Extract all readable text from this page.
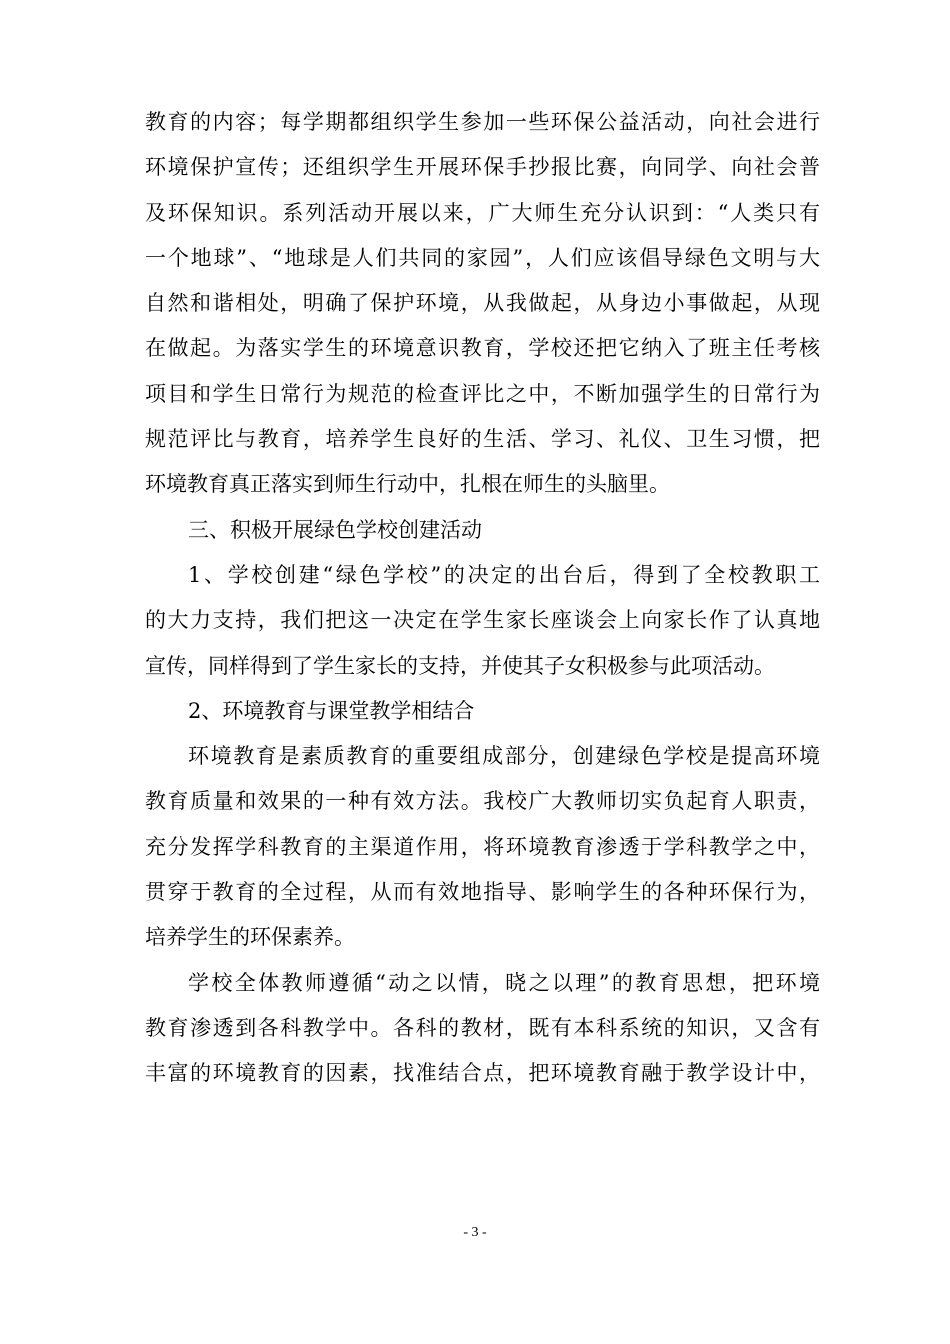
教育的内容；每学期都组织学生参加一些环保公益活动，向社会进行
环境保护宣传；还组织学生开展环保手抄报比赛，向同学、向社会普
及环保知识。系列活动开展以来，广大师生充分认识到：“人类只有
一个地球”、“地球是人们共同的家园”，人们应该倡导绿色文明与大
自然和谐相处，明确了保护环境，从我做起，从身边小事做起，从现
在做起。为落实学生的环境意识教育，学校还把它纳入了班主任考核
项目和学生日常行为规范的检查评比之中，不断加强学生的日常行为
规范评比与教育，培养学生良好的生活、学习、礼仪、卫生习惯，把
环境教育真正落实到师生行动中，扎根在师生的头脑里。
三、积极开展绿色学校创建活动
1、学校创建“绿色学校”的决定的出台后，得到了全校教职工
的大力支持，我们把这一决定在学生家长座谈会上向家长作了认真地
宣传，同样得到了学生家长的支持，并使其子女积极参与此项活动。
2、环境教育与课堂教学相结合
环境教育是素质教育的重要组成部分，创建绿色学校是提高环境
教育质量和效果的一种有效方法。我校广大教师切实负起育人职责，
充分发挥学科教育的主渠道作用，将环境教育渗透于学科教学之中，
贯穿于教育的全过程，从而有效地指导、影响学生的各种环保行为，
培养学生的环保素养。
学校全体教师遵循“动之以情，晓之以理”的教育思想，把环境
教育渗透到各科教学中。各科的教材，既有本科系统的知识，又含有
丰富的环境教育的因素，找准结合点，把环境教育融于教学设计中，
- 3 -
